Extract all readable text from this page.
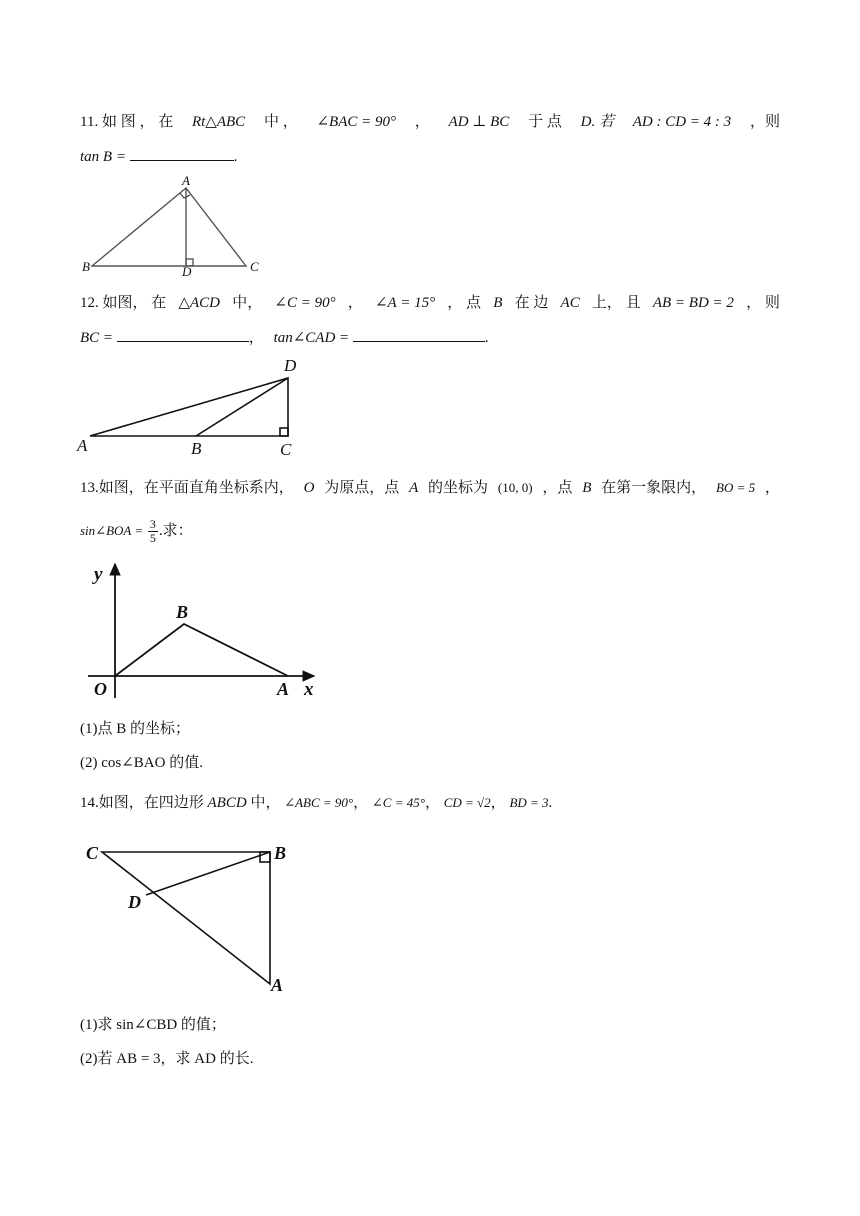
11. 如 图 ， 在 Rt△ABC 中 ， ∠BAC = 90° ， AD ⊥ BC 于 点 D. 若 AD : CD = 4 : 3 ，则
tan B =	.
A
B	C
D
12. 如图， 在 △ACD 中， ∠C = 90° ， ∠A = 15° ， 点 B 在 边 AC 上， 且 AB = BD = 2 ， 则
BC =	， tan∠CAD =	.
A	B	C
D
13.如图，在平面直角坐标系内， O 为原点，点 A 的坐标为 (10, 0) ，点 B 在第一象限内， BO = 5 ，
sin∠BOA = $\frac{3}{5}$ .求：
y
x
O	A
B
(1)点 B 的坐标；
(2) cos∠BAO 的值.
14.如图，在四边形 ABCD 中， ∠ABC = 90°， ∠C = 45°， CD = √2， BD = 3.
C	B
D
A
(1)求 sin∠CBD 的值；
(2)若 AB = 3，求 AD 的长.
